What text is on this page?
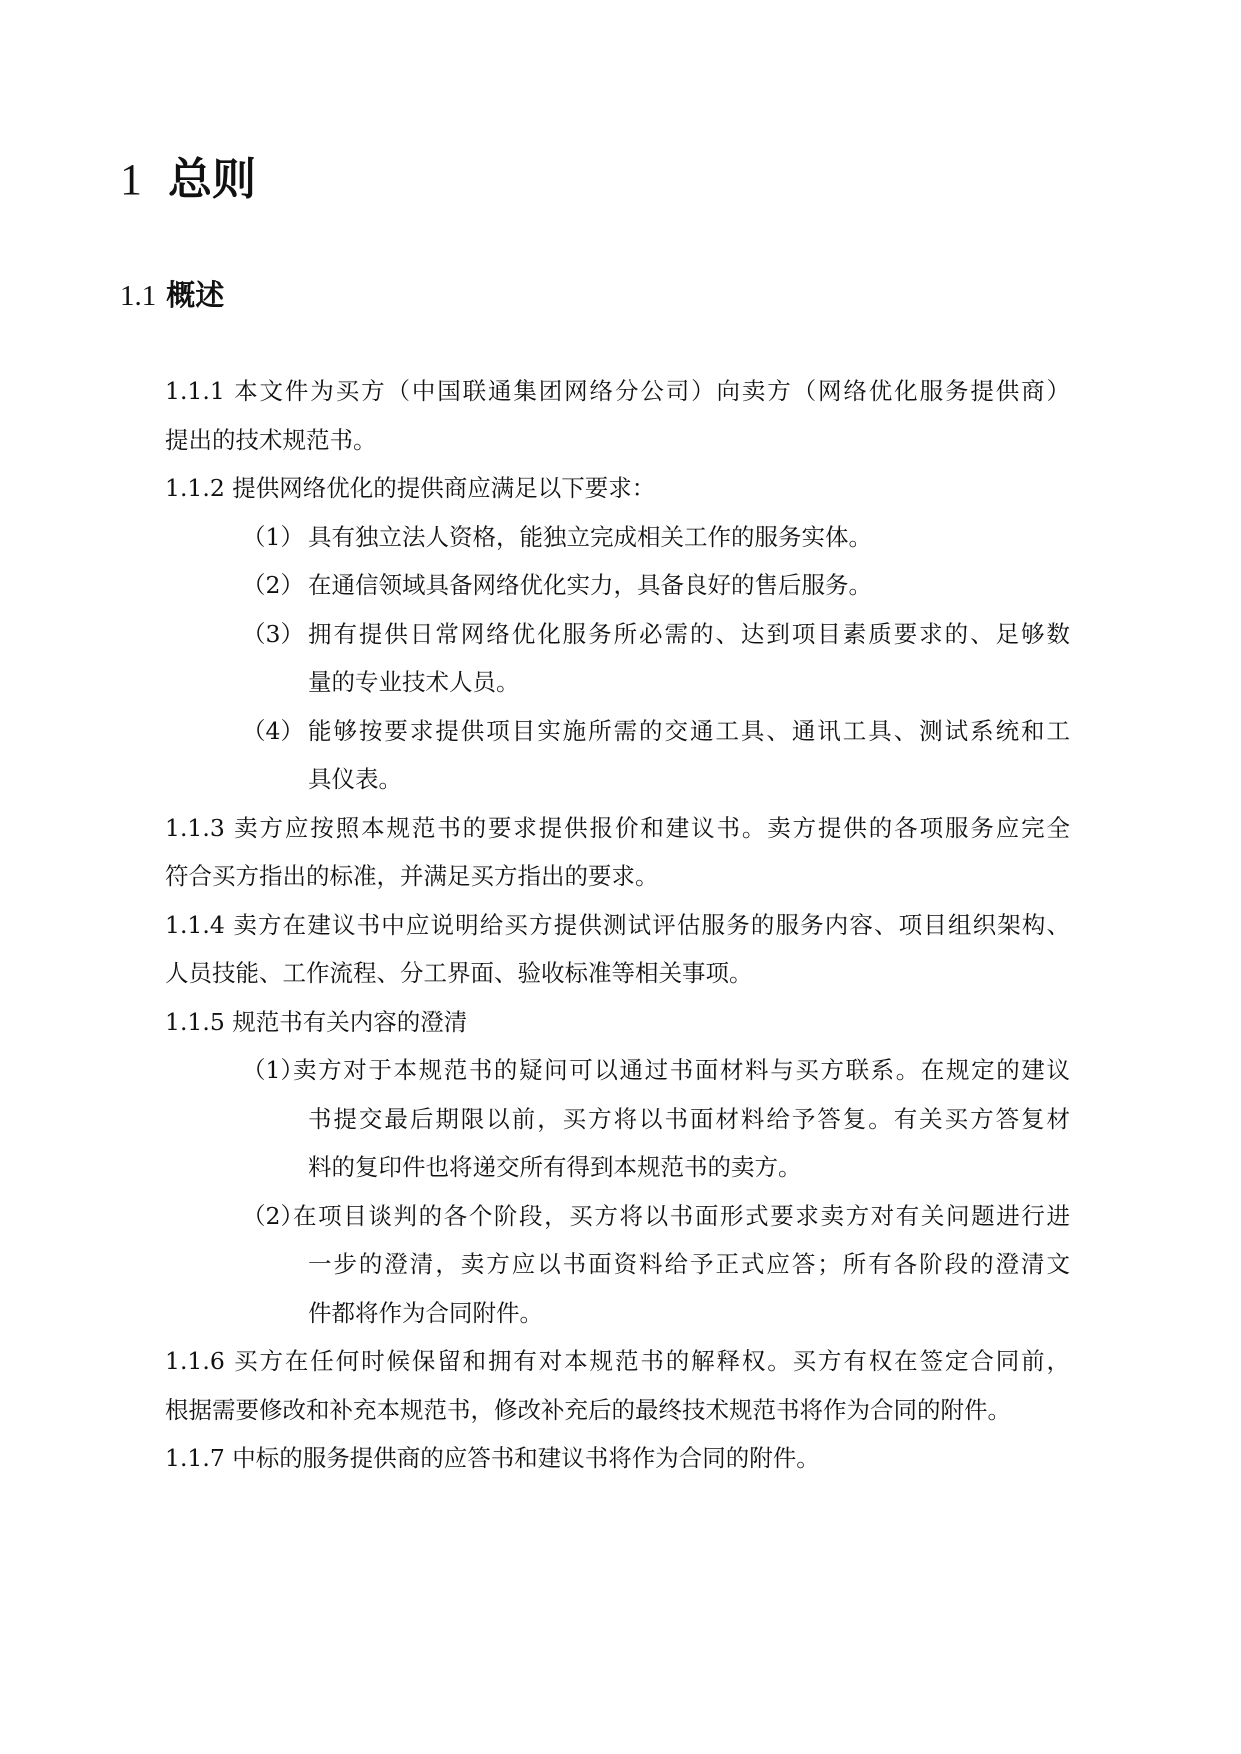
1 总则
1.1 概述
1.1.1 本文件为买方（中国联通集团网络分公司）向卖方（网络优化服务提供商）
提出的技术规范书。
1.1.2 提供网络优化的提供商应满足以下要求：
（1） 具有独立法人资格，能独立完成相关工作的服务实体。
（2） 在通信领域具备网络优化实力，具备良好的售后服务。
（3） 拥有提供日常网络优化服务所必需的、达到项目素质要求的、足够数
量的专业技术人员。
（4） 能够按要求提供项目实施所需的交通工具、通讯工具、测试系统和工
具仪表。
1.1.3 卖方应按照本规范书的要求提供报价和建议书。卖方提供的各项服务应完全
符合买方指出的标准，并满足买方指出的要求。
1.1.4 卖方在建议书中应说明给买方提供测试评估服务的服务内容、项目组织架构、
人员技能、工作流程、分工界面、验收标准等相关事项。
1.1.5 规范书有关内容的澄清
（1）
卖方对于本规范书的疑问可以通过书面材料与买方联系。在规定的建议
书提交最后期限以前，买方将以书面材料给予答复。有关买方答复材
料的复印件也将递交所有得到本规范书的卖方。
（2）
在项目谈判的各个阶段，买方将以书面形式要求卖方对有关问题进行进
一步的澄清，卖方应以书面资料给予正式应答；所有各阶段的澄清文
件都将作为合同附件。
1.1.6 买方在任何时候保留和拥有对本规范书的解释权。买方有权在签定合同前，
根据需要修改和补充本规范书，修改补充后的最终技术规范书将作为合同的附件。
1.1.7 中标的服务提供商的应答书和建议书将作为合同的附件。
